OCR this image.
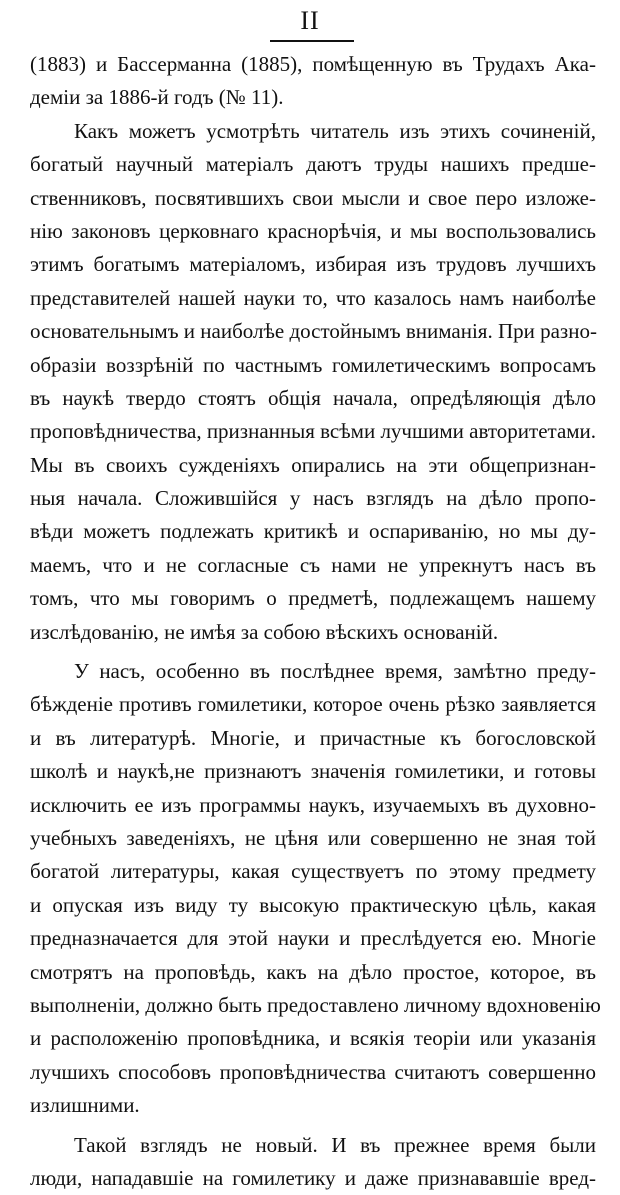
II
(1883) и Бассерманна (1885), помѣщенную въ Трудахъ Ака-
деміи за 1886-й годъ (№ 11).
Какъ можетъ усмотрѣть читатель изъ этихъ сочиненій,
богатый научный матеріалъ даютъ труды нашихъ предше-
ственниковъ, посвятившихъ свои мысли и свое перо изложе-
нію законовъ церковнаго краснорѣчія, и мы воспользовались
этимъ богатымъ матеріаломъ, избирая изъ трудовъ лучшихъ
представителей нашей науки то, что казалось намъ наиболѣе
основательнымъ и наиболѣе достойнымъ вниманія. При разно-
образіи воззрѣній по частнымъ гомилетическимъ вопросамъ
въ наукѣ твердо стоятъ общія начала, опредѣляющія дѣло
проповѣдничества, признанныя всѣми лучшими авторитетами.
Мы въ своихъ сужденіяхъ опирались на эти общепризнан-
ныя начала. Сложившійся у насъ взглядъ на дѣло пропо-
вѣди можетъ подлежать критикѣ и оспариванію, но мы ду-
маемъ, что и не согласные съ нами не упрекнутъ насъ въ
томъ, что мы говоримъ о предметѣ, подлежащемъ нашему
изслѣдованію, не имѣя за собою вѣскихъ основаній.
У насъ, особенно въ послѣднее время, замѣтно преду-
бѣжденіе противъ гомилетики, которое очень рѣзко заявляется
и въ литературѣ. Многіе, и причастные къ богословской
школѣ и наукѣ,не признаютъ значенія гомилетики, и готовы
исключить ее изъ программы наукъ, изучаемыхъ въ духовно-
учебныхъ заведеніяхъ, не цѣня или совершенно не зная той
богатой литературы, какая существуетъ по этому предмету
и опуская изъ виду ту высокую практическую цѣль, какая
предназначается для этой науки и преслѣдуется ею. Многіе
смотрятъ на проповѣдь, какъ на дѣло простое, которое, въ
выполненіи, должно быть предоставлено личному вдохновенію
и расположенію проповѣдника, и всякія теоріи или указанія
лучшихъ способовъ проповѣдничества считаютъ совершенно
излишними.
Такой взглядъ не новый. И въ прежнее время были
люди, нападавшіе на гомилетику и даже признававшіе вред-
